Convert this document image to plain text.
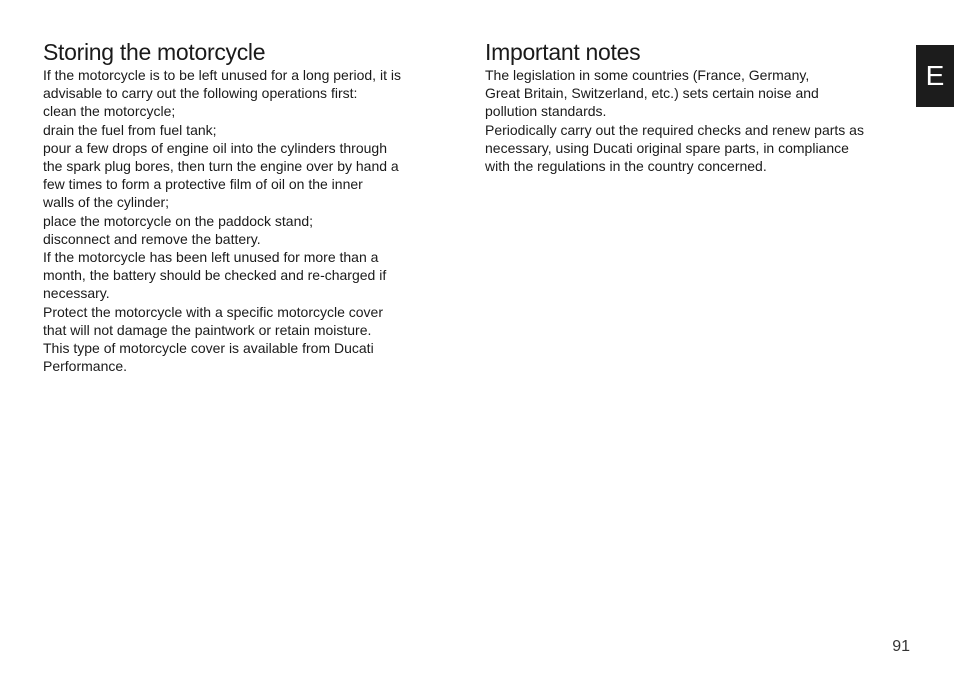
Storing the motorcycle

If the motorcycle is to be left unused for a long period, it is

advisable to carry out the following operations first:

clean the motorcycle;

drain the fuel from fuel tank;

pour a few drops of engine oil into the cylinders through

the spark plug bores, then turn the engine over by hand a

few times to form a protective film of oil on the inner

walls of the cylinder;

place the motorcycle on the paddock stand;

disconnect and remove the battery.

If the motorcycle has been left unused for more than a

month, the battery should be checked and re-charged if

necessary.

Protect the motorcycle with a specific motorcycle cover

that will not damage the paintwork or retain moisture.

This type of motorcycle cover is available from Ducati

Performance.

Important notes

The legislation in some countries (France, Germany,

Great Britain, Switzerland, etc.) sets certain noise and

pollution standards.

Periodically carry out the required checks and renew parts as

necessary, using Ducati original spare parts, in compliance

with the regulations in the country concerned.

E
91
